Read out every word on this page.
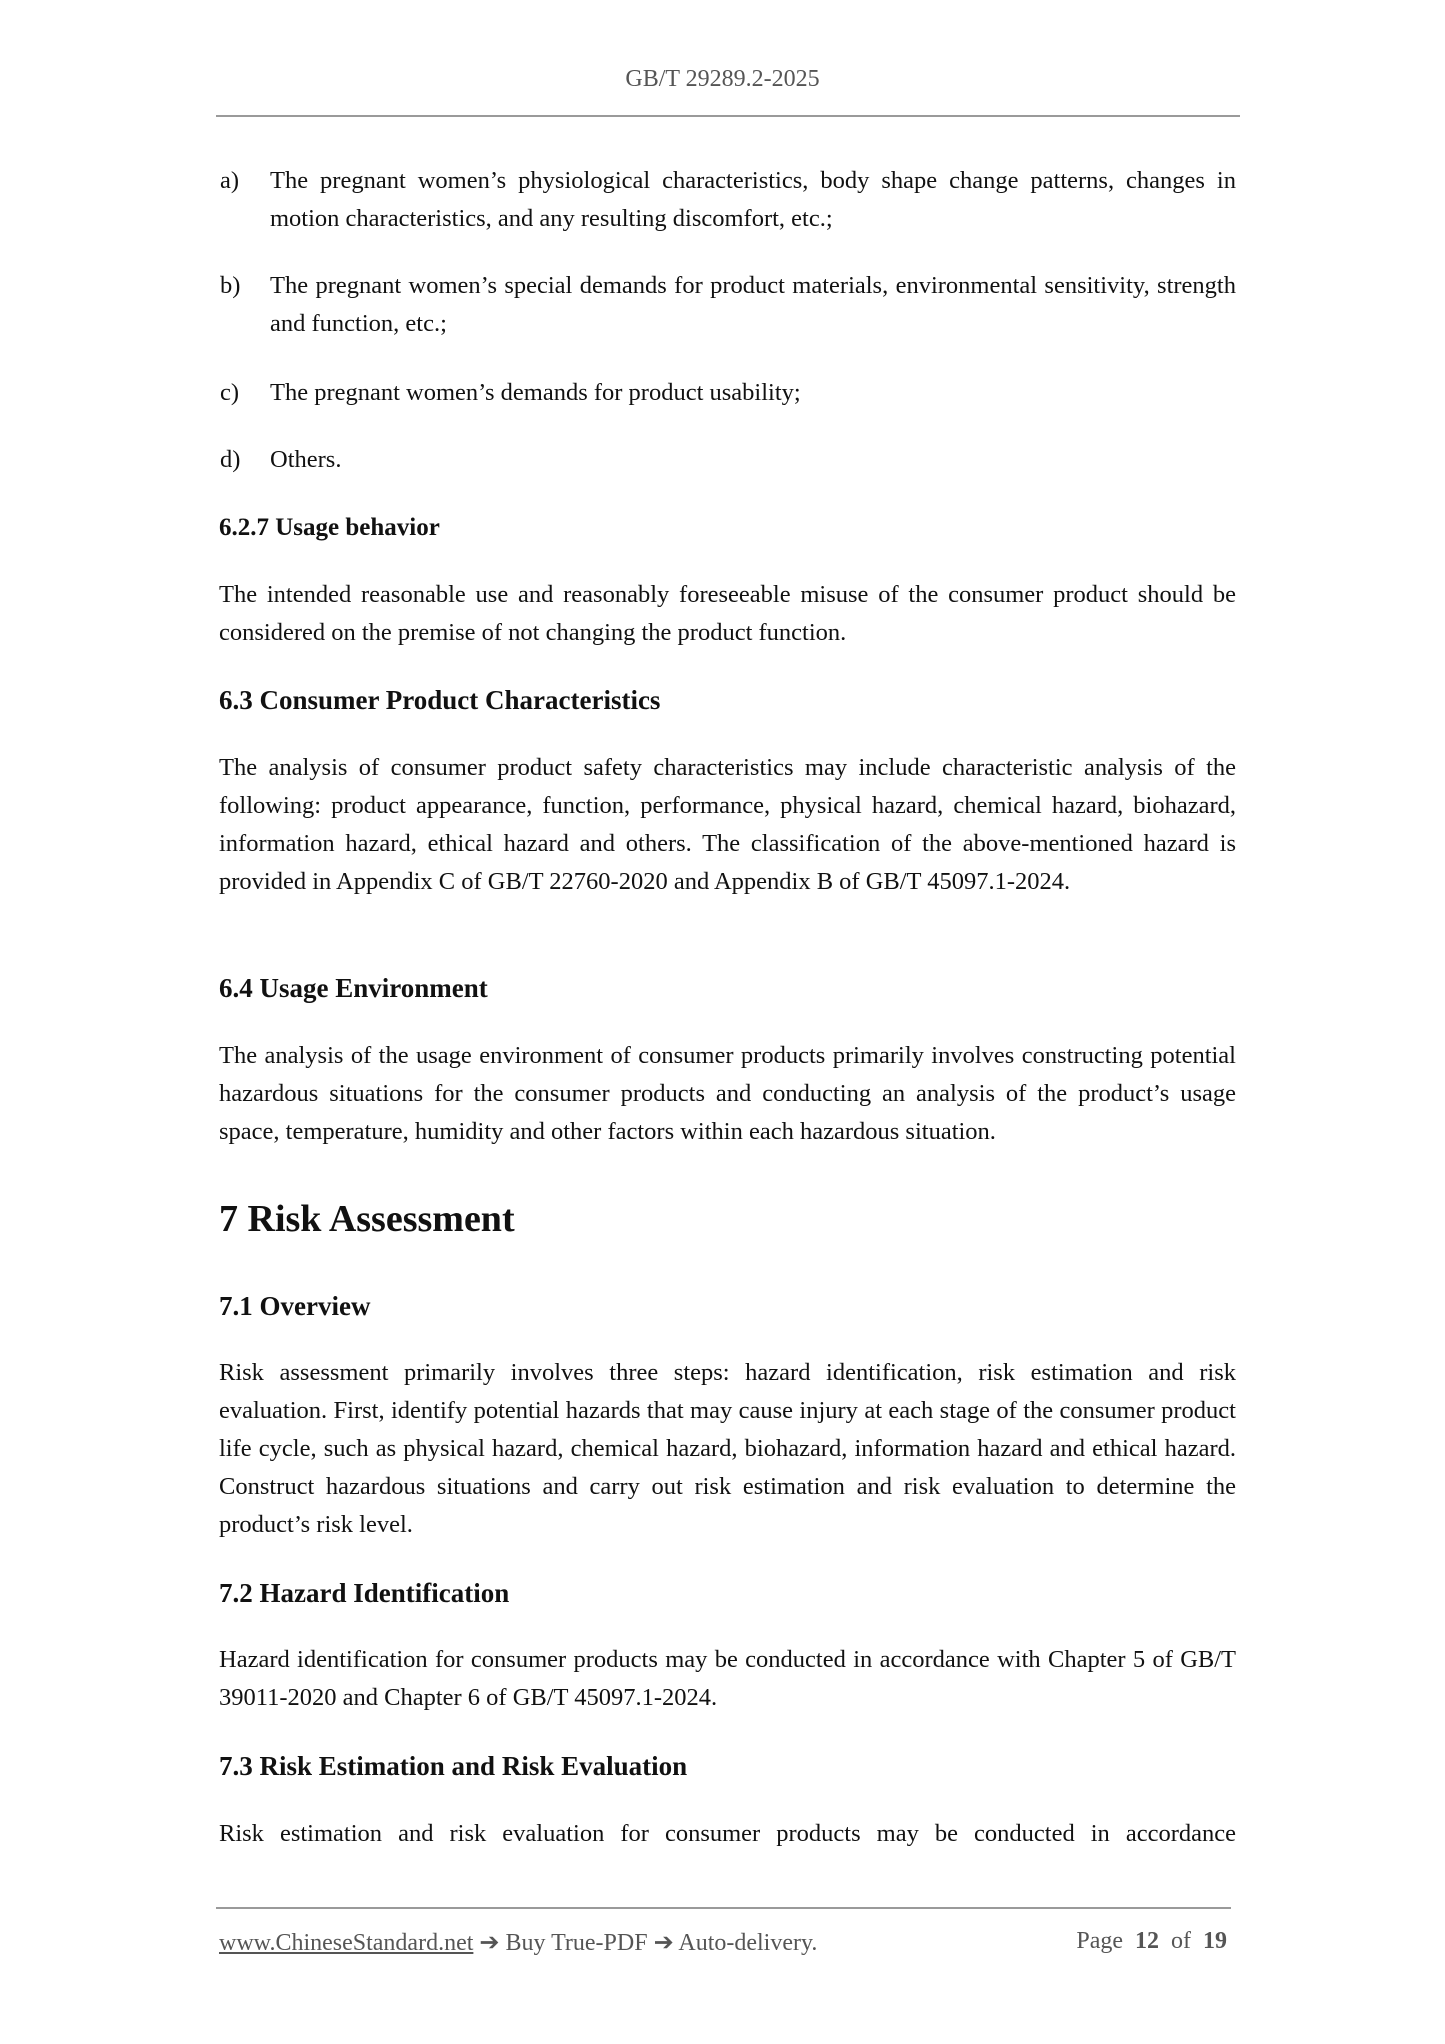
GB/T 29289.2-2025
a) The pregnant women’s physiological characteristics, body shape change patterns, changes in motion characteristics, and any resulting discomfort, etc.;
b) The pregnant women’s special demands for product materials, environmental sensitivity, strength and function, etc.;
c) The pregnant women’s demands for product usability;
d) Others.
6.2.7 Usage behavior
The intended reasonable use and reasonably foreseeable misuse of the consumer product should be considered on the premise of not changing the product function.
6.3 Consumer Product Characteristics
The analysis of consumer product safety characteristics may include characteristic analysis of the following: product appearance, function, performance, physical hazard, chemical hazard, biohazard, information hazard, ethical hazard and others. The classification of the above-mentioned hazard is provided in Appendix C of GB/T 22760-2020 and Appendix B of GB/T 45097.1-2024.
6.4 Usage Environment
The analysis of the usage environment of consumer products primarily involves constructing potential hazardous situations for the consumer products and conducting an analysis of the product’s usage space, temperature, humidity and other factors within each hazardous situation.
7 Risk Assessment
7.1 Overview
Risk assessment primarily involves three steps: hazard identification, risk estimation and risk evaluation. First, identify potential hazards that may cause injury at each stage of the consumer product life cycle, such as physical hazard, chemical hazard, biohazard, information hazard and ethical hazard. Construct hazardous situations and carry out risk estimation and risk evaluation to determine the product’s risk level.
7.2 Hazard Identification
Hazard identification for consumer products may be conducted in accordance with Chapter 5 of GB/T 39011-2020 and Chapter 6 of GB/T 45097.1-2024.
7.3 Risk Estimation and Risk Evaluation
Risk estimation and risk evaluation for consumer products may be conducted in accordance
www.ChineseStandard.net ➔ Buy True-PDF ➔ Auto-delivery.	Page 12 of 19
